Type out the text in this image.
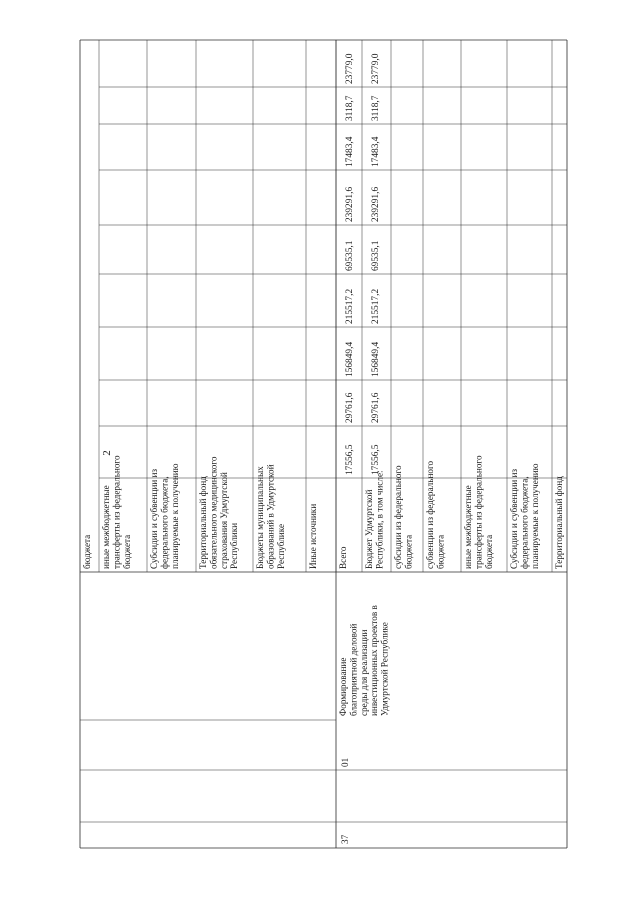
2
бюджета иные межбюджетные трансферты из федерального бюджета Субсидии и субвенции из федерального бюджета, планируемые к получению Территориальный фонд обязательного медицинского страхования Удмуртской Республики Бюджеты муниципальных образований в Удмуртской Республике Иные источники Всего
17556,5
29761,6
156849,4
215517,2
69535,1
239291,6
17483,4
3118,7
23779,0
Бюджет Удмуртской Республики, в том числе:
17556,5
29761,6
156849,4
215517,2
69535,1
239291,6
17483,4
3118,7
23779,0
субсидии из федерального бюджета субвенции из федерального бюджета иные межбюджетные трансферты из федерального бюджета Субсидии и субвенции из федерального бюджета, планируемые к получению Территориальный фонд
37
01
Формирование благоприятной деловой среды для реализации инвестиционных проектов в Удмуртской Республике
